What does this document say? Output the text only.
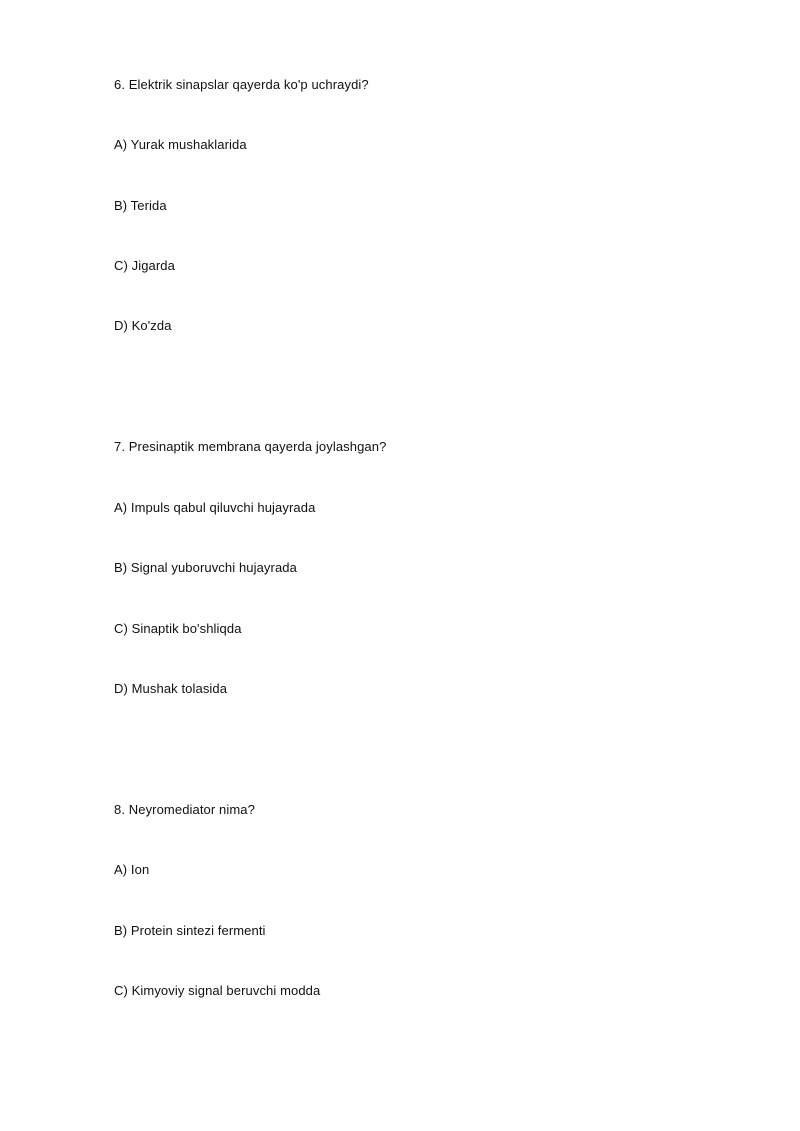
6. Elektrik sinapslar qayerda ko'p uchraydi?
A) Yurak mushaklarida
B) Terida
C) Jigarda
D) Ko'zda
7. Presinaptik membrana qayerda joylashgan?
A) Impuls qabul qiluvchi hujayrada
B) Signal yuboruvchi hujayrada
C) Sinaptik bo'shliqda
D) Mushak tolasida
8. Neyromediator nima?
A) Ion
B) Protein sintezi fermenti
C) Kimyoviy signal beruvchi modda
